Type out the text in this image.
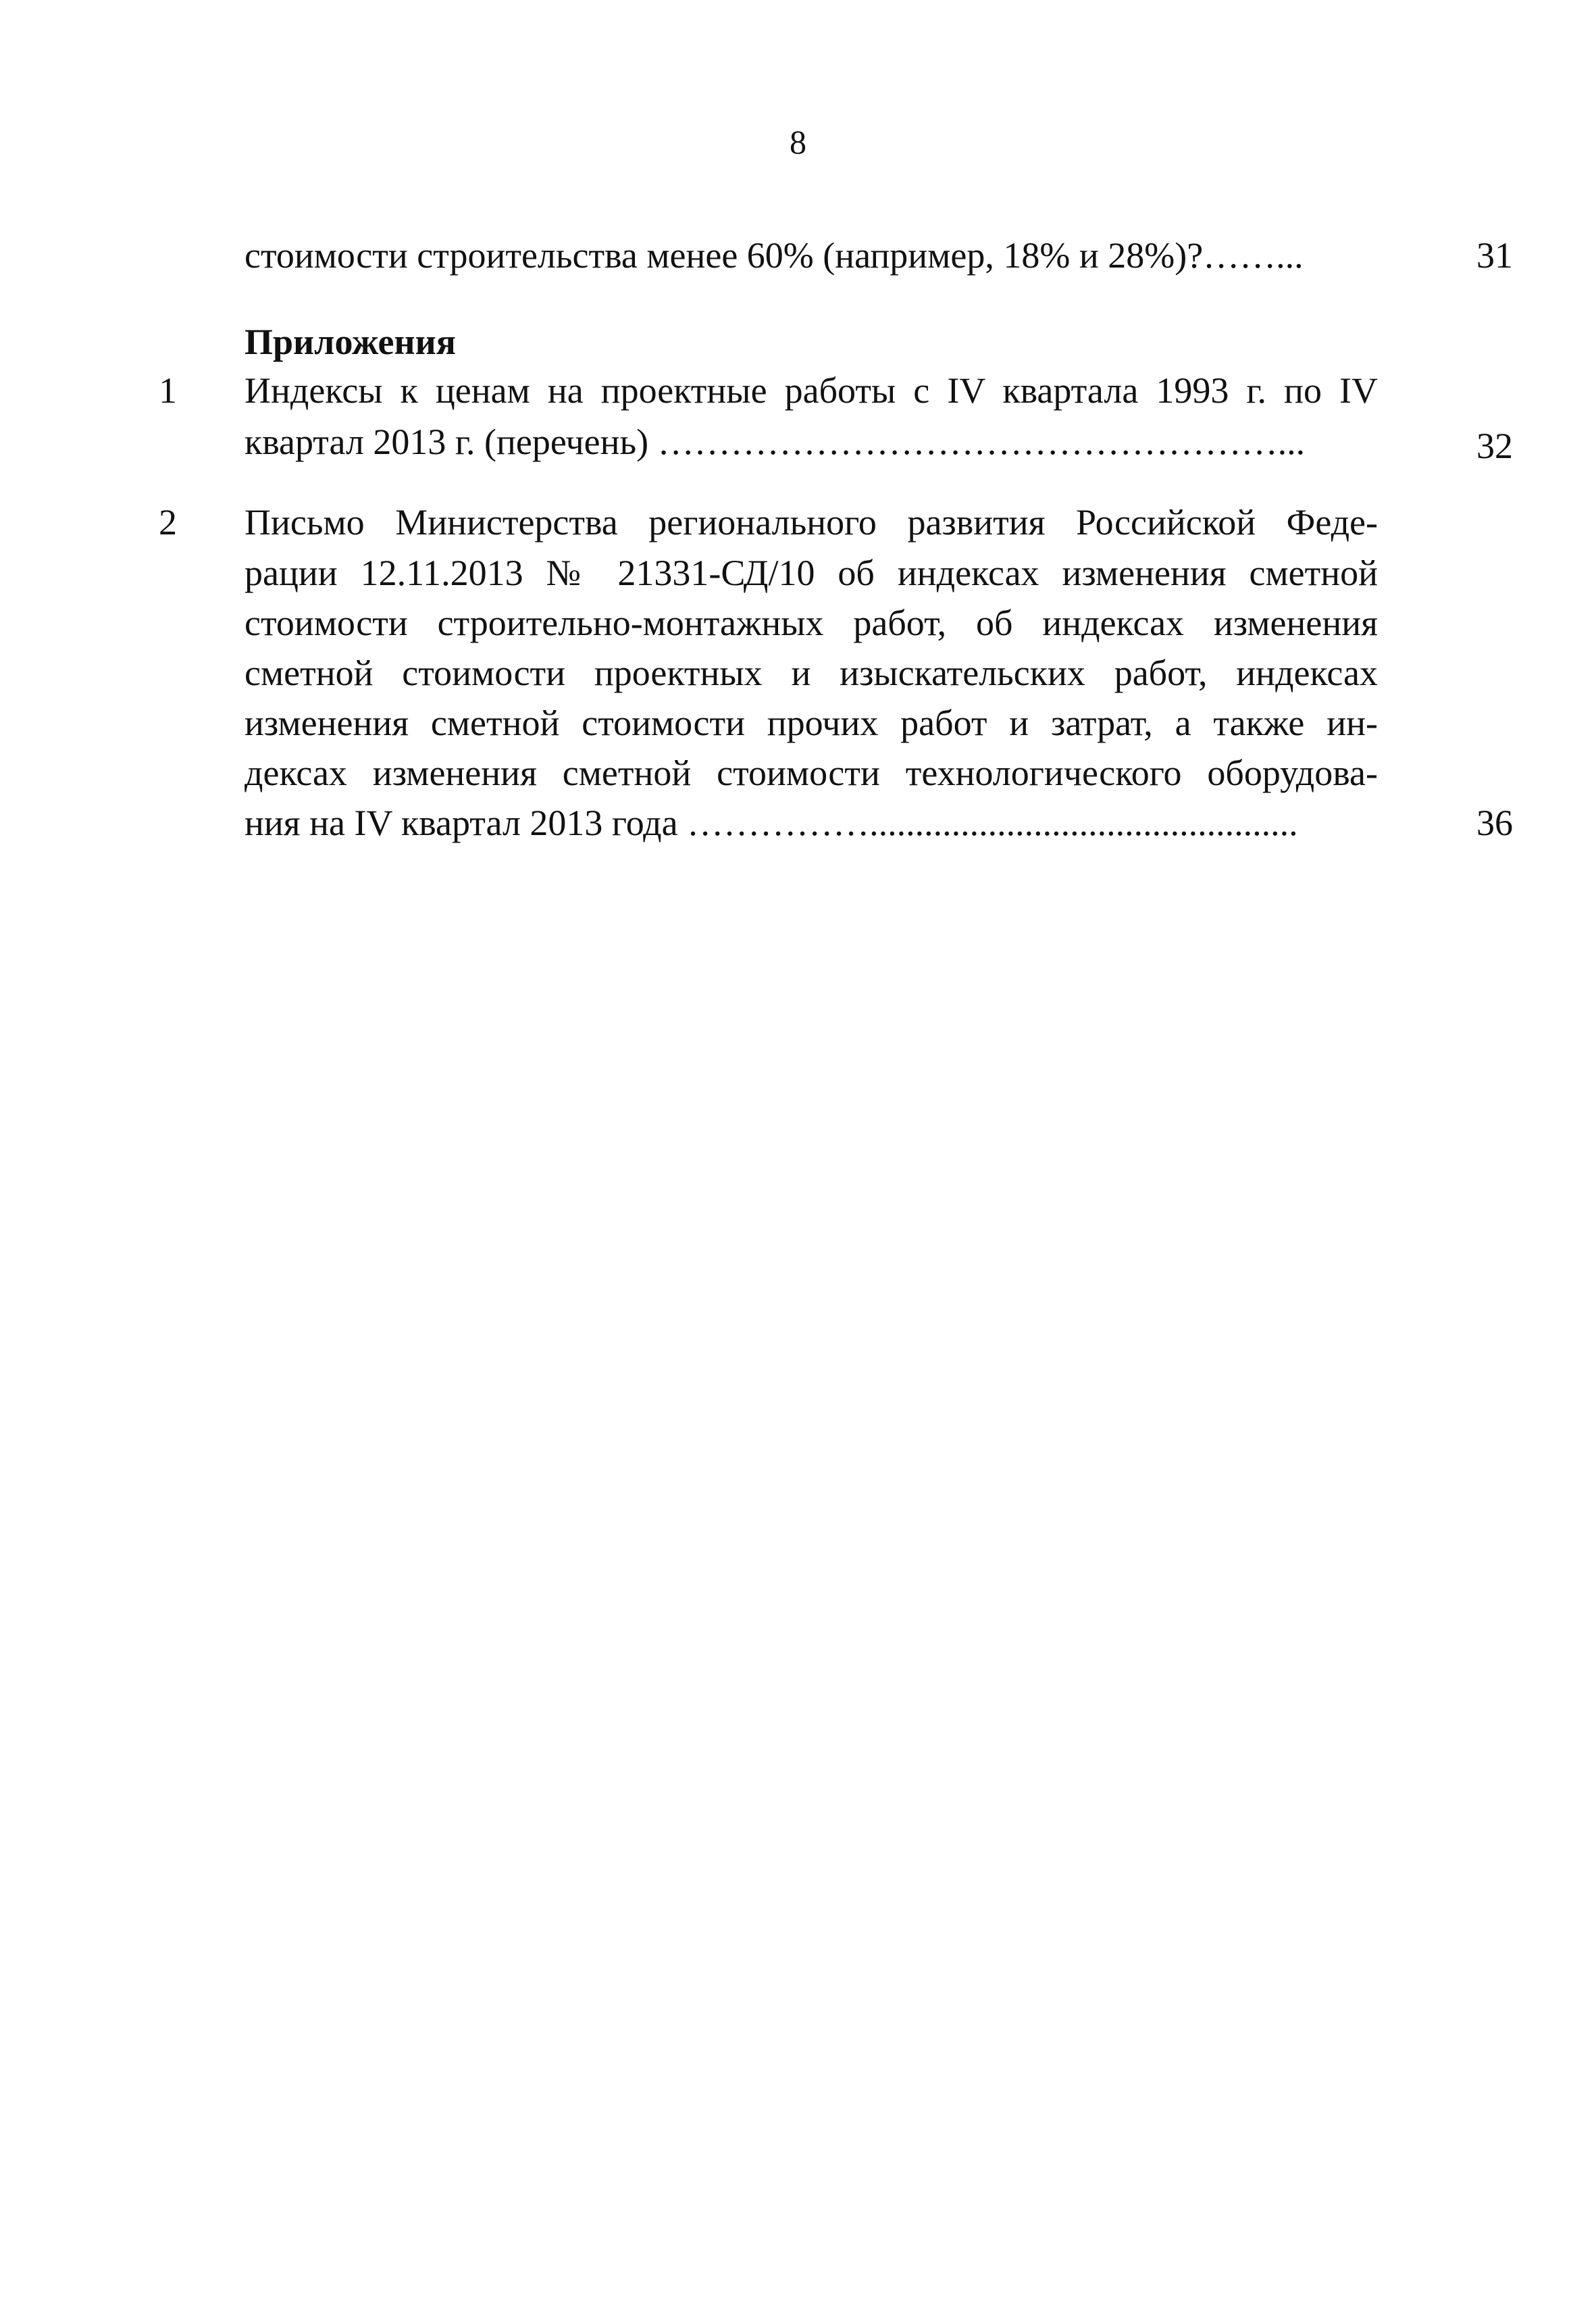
8
стоимости строительства менее 60% (например, 18% и 28%)?……...	31
Приложения
1 Индексы к ценам на проектные работы с IV квартала 1993 г. по IV
квартал 2013 г. (перечень) ……………………………………………...	32
2 Письмо Министерства регионального развития Российской Феде-
рации 12.11.2013 № 21331-СД/10 об индексах изменения сметной
стоимости строительно-монтажных работ, об индексах изменения
сметной стоимости проектных и изыскательских работ, индексах
изменения сметной стоимости прочих работ и затрат, а также ин-
дексах изменения сметной стоимости технологического оборудова-
ния на IV квартал 2013 года ……………...............................................	36
